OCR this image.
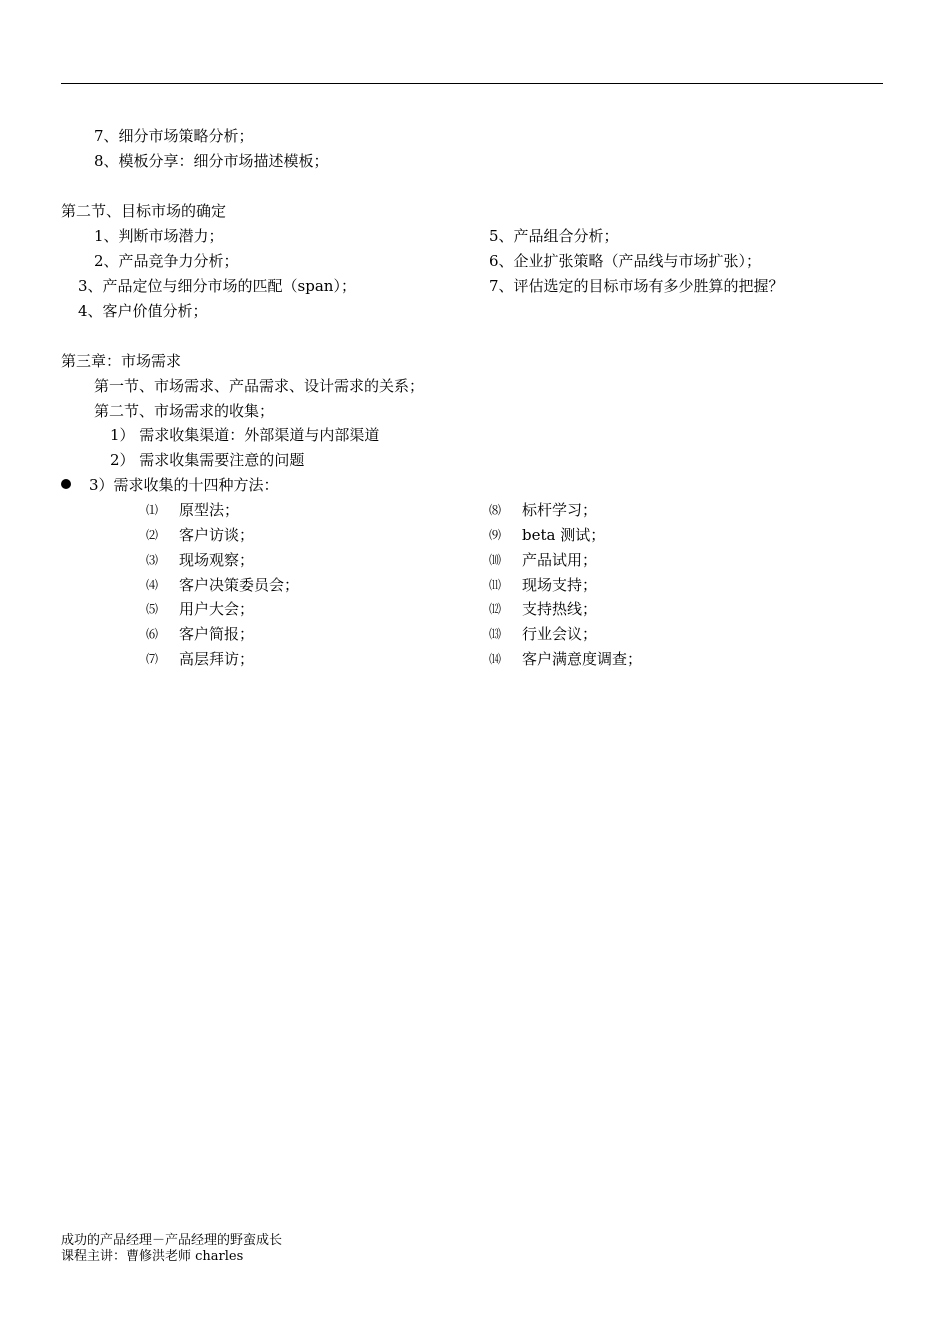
7、细分市场策略分析；
8、模板分享：细分市场描述模板；
第二节、目标市场的确定
1、判断市场潜力；
2、产品竞争力分析；
3、产品定位与细分市场的匹配（span）；
4、客户价值分析；
5、产品组合分析；
6、企业扩张策略（产品线与市场扩张）；
7、评估选定的目标市场有多少胜算的把握？
第三章：市场需求
第一节、市场需求、产品需求、设计需求的关系；
第二节、市场需求的收集；
1） 需求收集渠道：外部渠道与内部渠道
2） 需求收集需要注意的问题
3）需求收集的十四种方法：
⑴ 原型法；
⑵ 客户访谈；
⑶ 现场观察；
⑷ 客户决策委员会；
⑸ 用户大会；
⑹ 客户简报；
⑺ 高层拜访；
⑻ 标杆学习；
⑼ beta 测试；
⑽ 产品试用；
⑾ 现场支持；
⑿ 支持热线；
⒀ 行业会议；
⒁ 客户满意度调查；
成功的产品经理－产品经理的野蛮成长
课程主讲：曹修洪老师 charles
